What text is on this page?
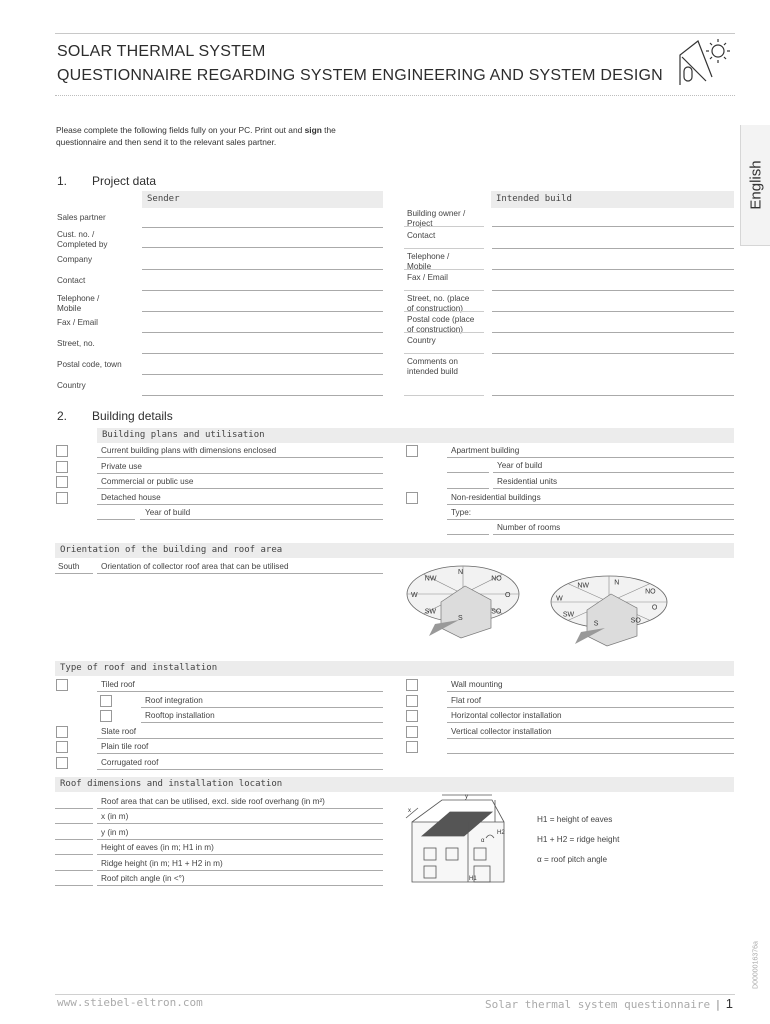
SOLAR THERMAL SYSTEM
QUESTIONNAIRE REGARDING SYSTEM ENGINEERING AND SYSTEM DESIGN
English
Please complete the following fields fully on your PC. Print out and sign the
questionnaire and then send it to the relevant sales partner.
1. Project data
Sender	Intended build
Sales partner
Cust. no. /
Completed by
Company
Contact
Telephone /
Mobile
Fax / Email
Street, no.
Postal code, town
Country
Building owner /
Project
Contact
Telephone /
Mobile
Fax / Email
Street, no. (place
of construction)
Postal code (place
of construction)
Country
Comments on
intended build
2. Building details
Building plans and utilisation
Current building plans with dimensions enclosed
Private use
Commercial or public use
Detached house
Year of build
Apartment building
Year of build
Residential units
Non-residential buildings
Type:
Number of rooms
Orientation of the building and roof area
South	Orientation of collector roof area that can be utilised
NW
N
NO
W	O
SW
S
SO
NW	N
NO
W
O
SW
S	SO
Type of roof and installation
Tiled roof
Roof integration
Rooftop installation
Slate roof
Plain tile roof
Corrugated roof
Wall mounting
Flat roof
Horizontal collector installation
Vertical collector installation
Roof dimensions and installation location
Roof area that can be utilised, excl. side roof overhang (in m²)
x (in m)
y (in m)
Height of eaves (in m; H1 in m)
Ridge height (in m; H1 + H2 in m)
Roof pitch angle (in <°)
y
x
H2
H1
α
H1 = height of eaves
H1 + H2 = ridge height
α = roof pitch angle
D0000016376a
www.stiebel-eltron.com	Solar thermal system questionnaire | 1
